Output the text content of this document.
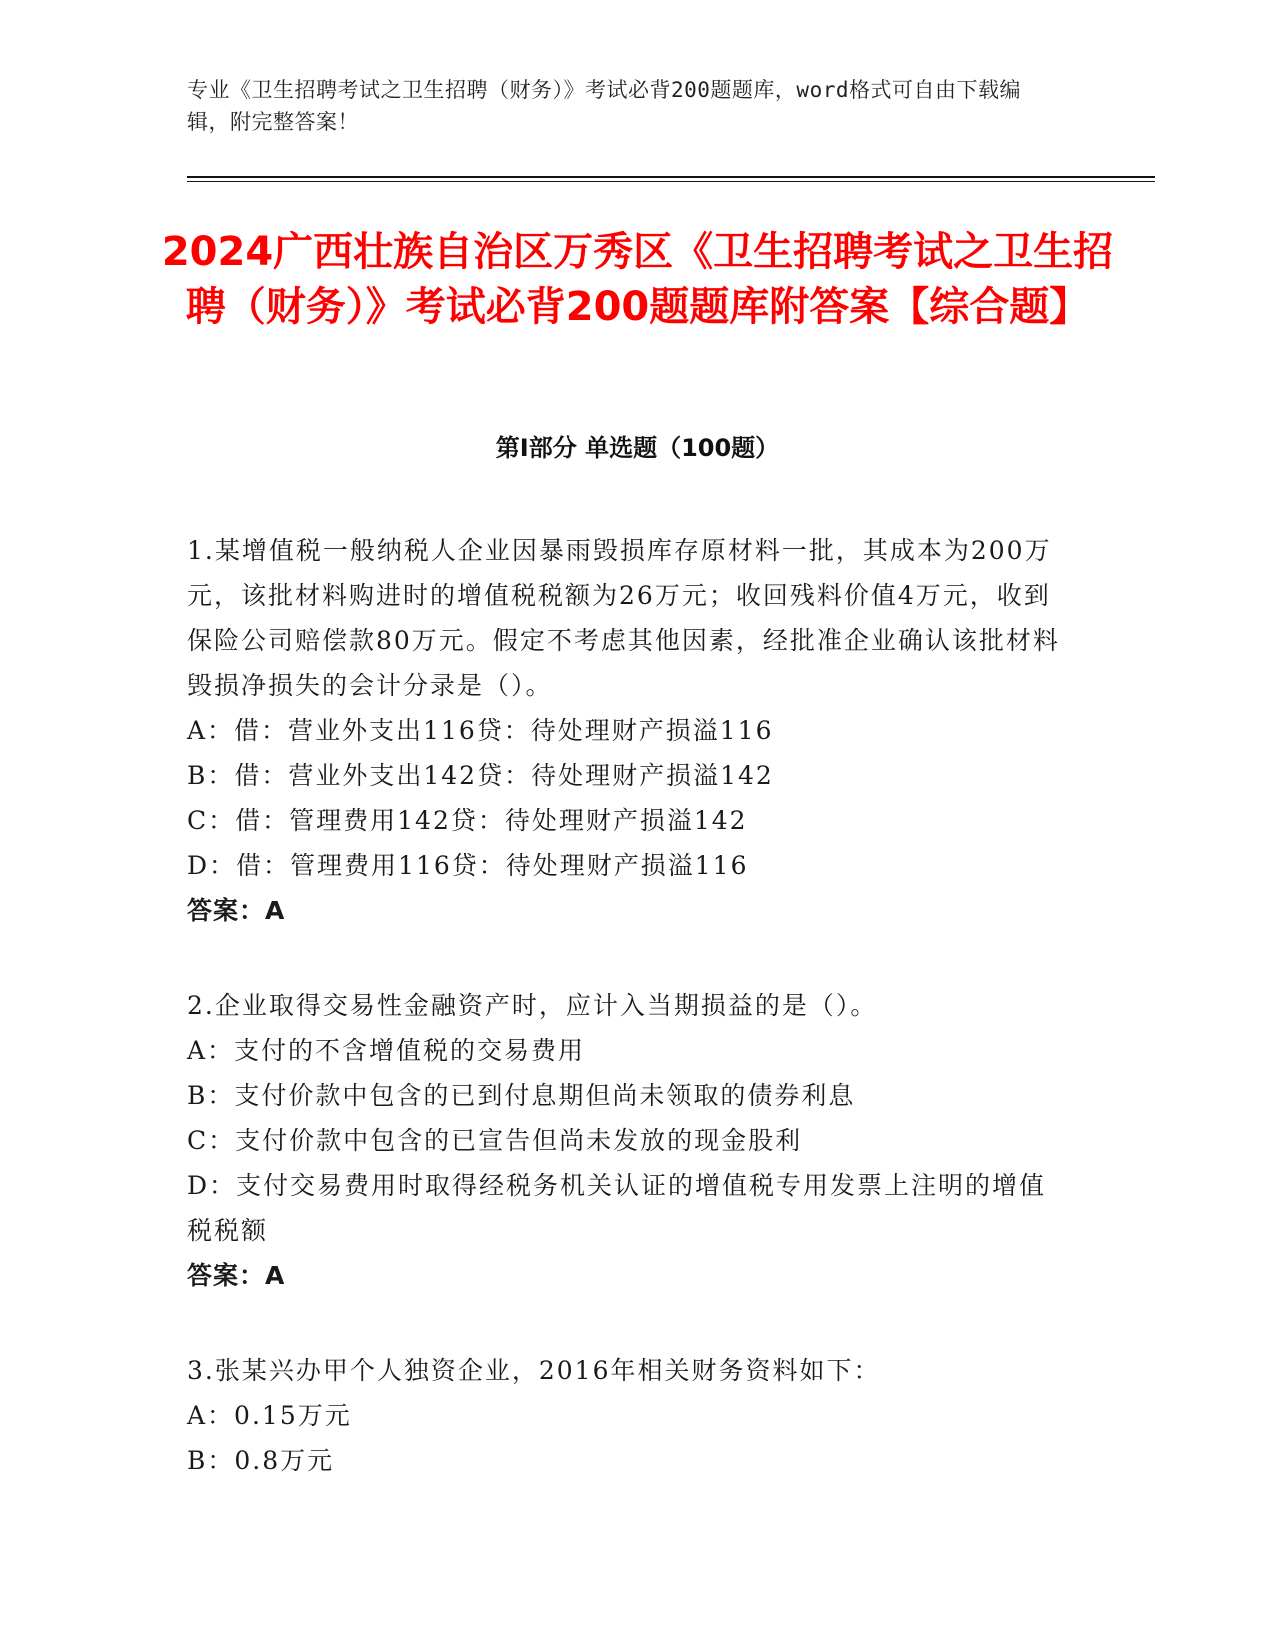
专业《卫生招聘考试之卫生招聘（财务）》考试必背200题题库，word格式可自由下载编辑，附完整答案！
2024广西壮族自治区万秀区《卫生招聘考试之卫生招聘（财务）》考试必背200题题库附答案【综合题】
第Ⅰ部分 单选题（100题）

1.某增值税一般纳税人企业因暴雨毁损库存原材料一批，其成本为200万元，该批材料购进时的增值税税额为26万元；收回残料价值4万元，收到保险公司赔偿款80万元。假定不考虑其他因素，经批准企业确认该批材料毁损净损失的会计分录是（）。

A：借：营业外支出116贷：待处理财产损溢116

B：借：营业外支出142贷：待处理财产损溢142

C：借：管理费用142贷：待处理财产损溢142

D：借：管理费用116贷：待处理财产损溢116

答案：A

2.企业取得交易性金融资产时，应计入当期损益的是（）。

A：支付的不含增值税的交易费用

B：支付价款中包含的已到付息期但尚未领取的债券利息

C：支付价款中包含的已宣告但尚未发放的现金股利

D：支付交易费用时取得经税务机关认证的增值税专用发票上注明的增值税税额

答案：A

3.张某兴办甲个人独资企业，2016年相关财务资料如下：

A：0.15万元

B：0.8万元
